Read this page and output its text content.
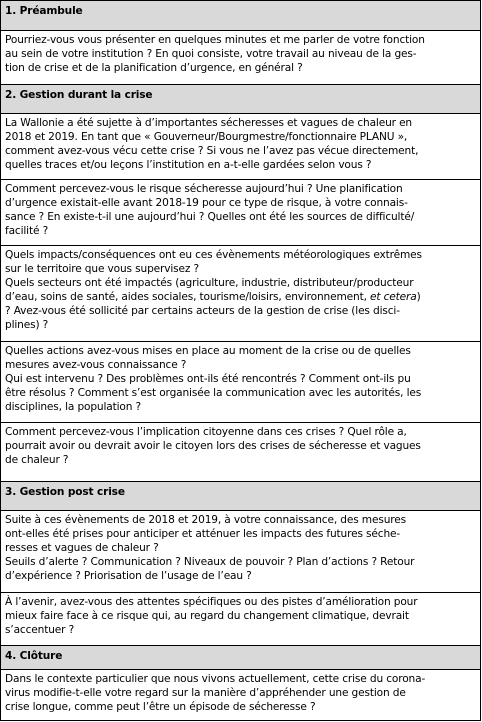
1. Préambule
Pourriez-vous vous présenter en quelques minutes et me parler de votre fonction
au sein de votre institution ? En quoi consiste, votre travail au niveau de la ges-
tion de crise et de la planification d’urgence, en général ?
2. Gestion durant la crise
La Wallonie a été sujette à d’importantes sécheresses et vagues de chaleur en
2018 et 2019. En tant que « Gouverneur/Bourgmestre/fonctionnaire PLANU »,
comment avez-vous vécu cette crise ? Si vous ne l’avez pas vécue directement,
quelles traces et/ou leçons l’institution en a-t-elle gardées selon vous ?
Comment percevez-vous le risque sécheresse aujourd’hui ? Une planification
d’urgence existait-elle avant 2018-19 pour ce type de risque, à votre connais-
sance ? En existe-t-il une aujourd’hui ? Quelles ont été les sources de difficulté/
facilité ?
Quels impacts/conséquences ont eu ces évènements météorologiques extrêmes
sur le territoire que vous supervisez ?
Quels secteurs ont été impactés (agriculture, industrie, distributeur/producteur
d’eau, soins de santé, aides sociales, tourisme/loisirs, environnement, et cetera)
? Avez-vous été sollicité par certains acteurs de la gestion de crise (les disci-
plines) ?
Quelles actions avez-vous mises en place au moment de la crise ou de quelles
mesures avez-vous connaissance ?
Qui est intervenu ? Des problèmes ont-ils été rencontrés ? Comment ont-ils pu
être résolus ? Comment s’est organisée la communication avec les autorités, les
disciplines, la population ?
Comment percevez-vous l’implication citoyenne dans ces crises ? Quel rôle a,
pourrait avoir ou devrait avoir le citoyen lors des crises de sécheresse et vagues
de chaleur ?
3. Gestion post crise
Suite à ces évènements de 2018 et 2019, à votre connaissance, des mesures
ont-elles été prises pour anticiper et atténuer les impacts des futures séche-
resses et vagues de chaleur ?
Seuils d’alerte ? Communication ? Niveaux de pouvoir ? Plan d’actions ? Retour
d’expérience ? Priorisation de l’usage de l’eau ?
À l’avenir, avez-vous des attentes spécifiques ou des pistes d’amélioration pour
mieux faire face à ce risque qui, au regard du changement climatique, devrait
s’accentuer ?
4. Clôture
Dans le contexte particulier que nous vivons actuellement, cette crise du corona-
virus modifie-t-elle votre regard sur la manière d’appréhender une gestion de
crise longue, comme peut l’être un épisode de sécheresse ?
